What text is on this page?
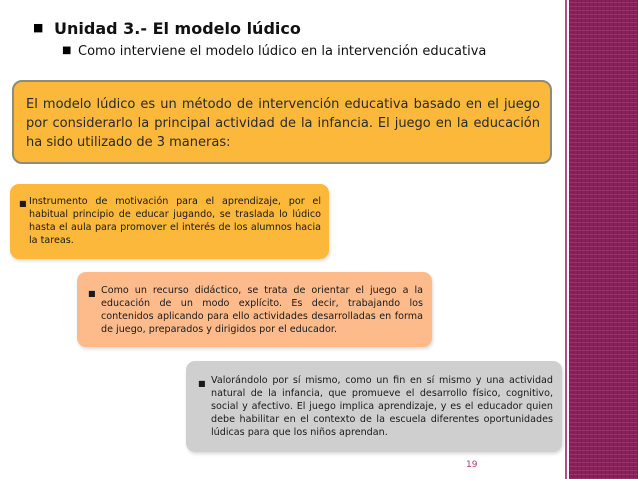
■ Unidad 3.- El modelo lúdico
■ Como interviene el modelo lúdico en la intervención educativa
El modelo lúdico es un método de intervención educativa basado en el juego por considerarlo la principal actividad de la infancia. El juego en la educación ha sido utilizado de 3 maneras:
■ Instrumento de motivación para el aprendizaje, por el habitual principio de educar jugando, se traslada lo lúdico hasta el aula para promover el interés de los alumnos hacia la tareas.
■ Como un recurso didáctico, se trata de orientar el juego a la educación de un modo explícito. Es decir, trabajando los contenidos aplicando para ello actividades desarrolladas en forma de juego, preparados y dirigidos por el educador.
■ Valorándolo por sí mismo, como un fin en sí mismo y una actividad natural de la infancia, que promueve el desarrollo físico, cognitivo, social y afectivo. El juego implica aprendizaje, y es el educador quien debe habilitar en el contexto de la escuela diferentes oportunidades lúdicas para que los niños aprendan.
19
